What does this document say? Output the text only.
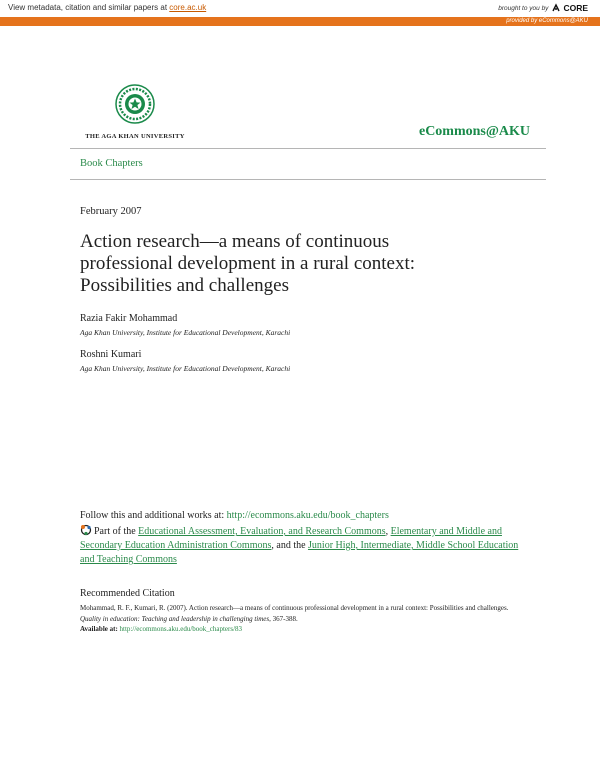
View metadata, citation and similar papers at core.ac.uk	brought to you by CORE
provided by eCommons@AKU
THE AGA KHAN UNIVERSITY	eCommons@AKU
Book Chapters
February 2007
Action research—a means of continuous
professional development in a rural context:
Possibilities and challenges
Razia Fakir Mohammad
Aga Khan University, Institute for Educational Development, Karachi
Roshni Kumari
Aga Khan University, Institute for Educational Development, Karachi
Follow this and additional works at: http://ecommons.aku.edu/book_chapters
Part of the Educational Assessment, Evaluation, and Research Commons, Elementary and Middle and Secondary Education Administration Commons, and the Junior High, Intermediate, Middle School Education and Teaching Commons
Recommended Citation
Mohammad, R. F., Kumari, R. (2007). Action research—a means of continuous professional development in a rural context: Possibilities and challenges. Quality in education: Teaching and leadership in challenging times, 367-388.
Available at: http://ecommons.aku.edu/book_chapters/83
